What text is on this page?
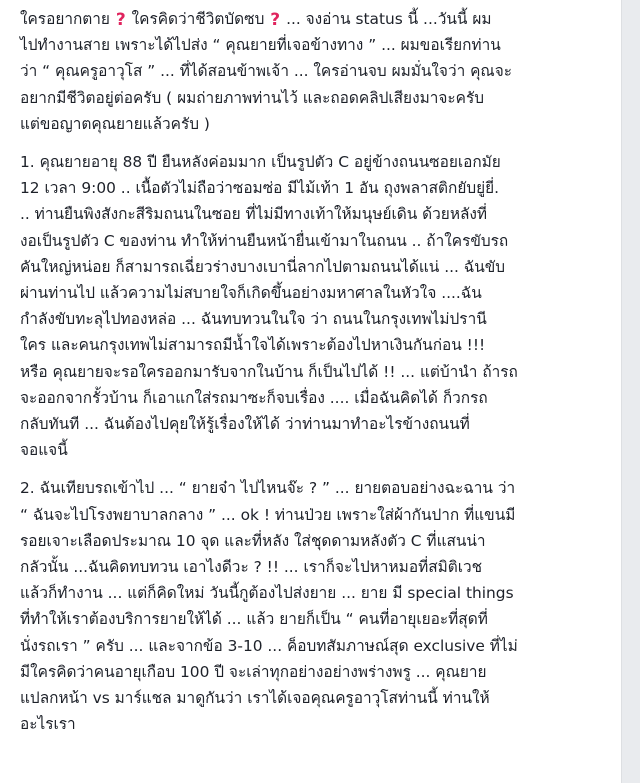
ใครอยากตาย ? ใครคิดว่าชีวิตบัดซบ ? ... จงอ่าน status นี้ ...วันนี้ ผม
ไปทำงานสาย เพราะได้ไปส่ง “ คุณยายที่เจอข้างทาง ” ... ผมขอเรียกท่าน
ว่า “ คุณครูอาวุโส ” ... ที่ได้สอนข้าพเจ้า ... ใครอ่านจบ ผมมั่นใจว่า คุณจะ
อยากมีชีวิตอยู่ต่อครับ ( ผมถ่ายภาพท่านไว้ และถอดคลิปเสียงมาจะครับ
แต่ขอญาตคุณยายแล้วครับ )
1. คุณยายอายุ 88 ปี ยืนหลังค่อมมาก เป็นรูปตัว C อยู่ข้างถนนซอยเอกมัย
12 เวลา 9:00 .. เนื้อตัวไม่ถือว่าซอมซ่อ มีไม้เท้า 1 อัน ถุงพลาสติกยับยู่ยี่.
.. ท่านยืนพิงสังกะสีริมถนนในซอย ที่ไม่มีทางเท้าให้มนุษย์เดิน ด้วยหลังที่
งอเป็นรูปตัว C ของท่าน ทำให้ท่านยืนหน้ายื่นเข้ามาในถนน .. ถ้าใครขับรถ
คันใหญ่หน่อย ก็สามารถเฉี่ยวร่างบางเบานี่ลากไปตามถนนได้แน่ ... ฉันขับ
ผ่านท่านไป แล้วความไม่สบายใจก็เกิดขึ้นอย่างมหาศาลในหัวใจ ....ฉัน
กำลังขับทะลุไปทองหล่อ ... ฉันทบทวนในใจ ว่า ถนนในกรุงเทพไม่ปรานี
ใคร และคนกรุงเทพไม่สามารถมีน้ำใจได้เพราะต้องไปหาเงินกันก่อน !!!
หรือ คุณยายจะรอใครออกมารับจากในบ้าน ก็เป็นไปได้ !! ... แต่บ้านำ ถ้ารถ
จะออกจากรั้วบ้าน ก็เอาแกใส่รถมาซะก็จบเรื่อง .... เมื่อฉันคิดได้ ก็วกรถ
กลับทันที ... ฉันต้องไปคุยให้รู้เรื่องให้ได้ ว่าท่านมาทำอะไรข้างถนนที่
จอแจนี้
2. ฉันเทียบรถเข้าไป ... “ ยายจ๋า ไปไหนจ๊ะ ? ” ... ยายตอบอย่างฉะฉาน ว่า
“ ฉันจะไปโรงพยาบาลกลาง ” ... ok ! ท่านป่วย เพราะใส่ผ้ากันปาก ที่แขนมี
รอยเจาะเลือดประมาณ 10 จุด และที่หลัง ใส่ชุดดามหลังตัว C ที่แสนน่า
กลัวนั้น ...ฉันคิดทบทวน เอาไงดีวะ ? !! ... เราก็จะไปหาหมอที่สมิติเวช
แล้วก็ทำงาน ... แต่ก็คิดใหม่ วันนี้กูต้องไปส่งยาย ... ยาย มี special things
ที่ทำให้เราต้องบริการยายให้ได้ ... แล้ว ยายก็เป็น “ คนที่อายุเยอะที่สุดที่
นั่งรถเรา ” ครับ ... และจากข้อ 3-10 ... ค็อบทสัมภาษณ์สุด exclusive ที่ไม่
มีใครคิดว่าคนอายุเกือบ 100 ปี จะเล่าทุกอย่างอย่างพร่างพรู ... คุณยาย
แปลกหน้า vs มาร์แชล มาดูกันว่า เราได้เจอคุณครูอาวุโสท่านนี้ ท่านให้
อะไรเรา
